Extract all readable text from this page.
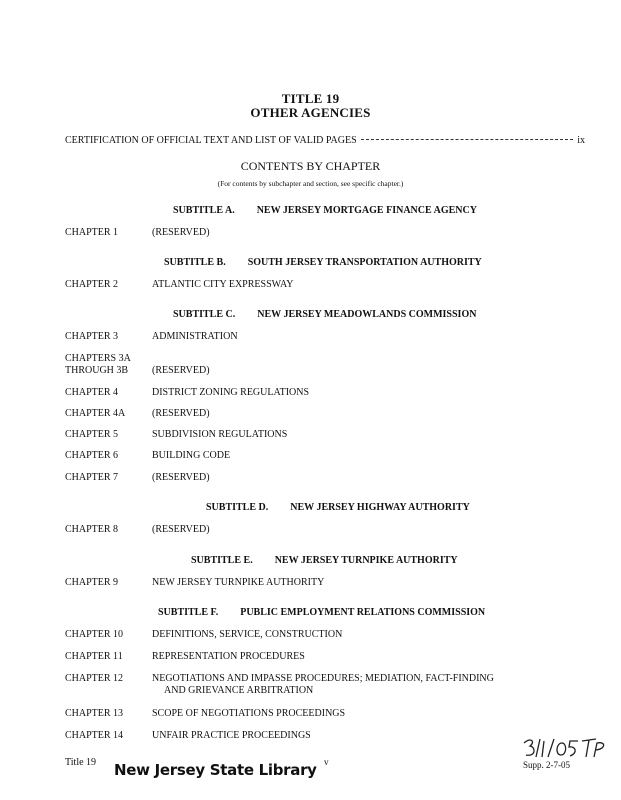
TITLE 19
OTHER AGENCIES
CERTIFICATION OF OFFICIAL TEXT AND LIST OF VALID PAGES	ix
CONTENTS BY CHAPTER
(For contents by subchapter and section, see specific chapter.)
SUBTITLE A. NEW JERSEY MORTGAGE FINANCE AGENCY
CHAPTER 1	(RESERVED)
SUBTITLE B. SOUTH JERSEY TRANSPORTATION AUTHORITY
CHAPTER 2	ATLANTIC CITY EXPRESSWAY
SUBTITLE C. NEW JERSEY MEADOWLANDS COMMISSION
CHAPTER 3	ADMINISTRATION
CHAPTERS 3A
THROUGH 3B (RESERVED)
CHAPTER 4	DISTRICT ZONING REGULATIONS
CHAPTER 4A	(RESERVED)
CHAPTER 5	SUBDIVISION REGULATIONS
CHAPTER 6	BUILDING CODE
CHAPTER 7	(RESERVED)
SUBTITLE D. NEW JERSEY HIGHWAY AUTHORITY
CHAPTER 8	(RESERVED)
SUBTITLE E. NEW JERSEY TURNPIKE AUTHORITY
CHAPTER 9	NEW JERSEY TURNPIKE AUTHORITY
SUBTITLE F. PUBLIC EMPLOYMENT RELATIONS COMMISSION
CHAPTER 10	DEFINITIONS, SERVICE, CONSTRUCTION
CHAPTER 11	REPRESENTATION PROCEDURES
CHAPTER 12	NEGOTIATIONS AND IMPASSE PROCEDURES; MEDIATION, FACT-FINDING
AND GRIEVANCE ARBITRATION
CHAPTER 13	SCOPE OF NEGOTIATIONS PROCEEDINGS
CHAPTER 14	UNFAIR PRACTICE PROCEEDINGS
Title 19 New Jersey State Library v	Supp. 2-7-05
